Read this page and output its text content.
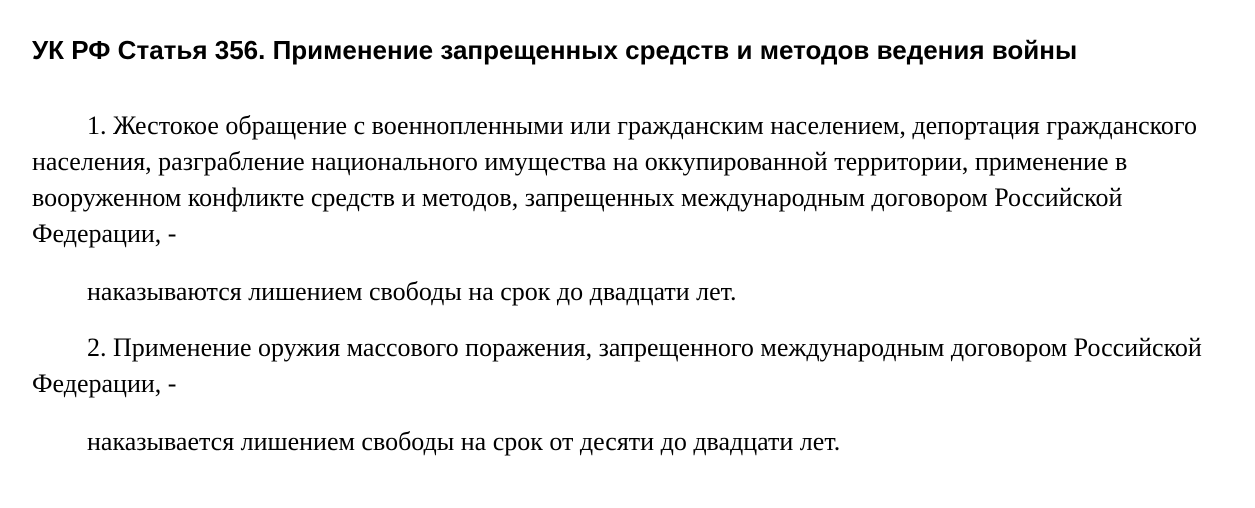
УК РФ Статья 356. Применение запрещенных средств и методов ведения войны

1. Жестокое обращение с военнопленными или гражданским населением, депортация гражданского населения, разграбление национального имущества на оккупированной территории, применение в вооруженном конфликте средств и методов, запрещенных международным договором Российской Федерации, -

наказываются лишением свободы на срок до двадцати лет.

2. Применение оружия массового поражения, запрещенного международным договором Российской Федерации, -

наказывается лишением свободы на срок от десяти до двадцати лет.
